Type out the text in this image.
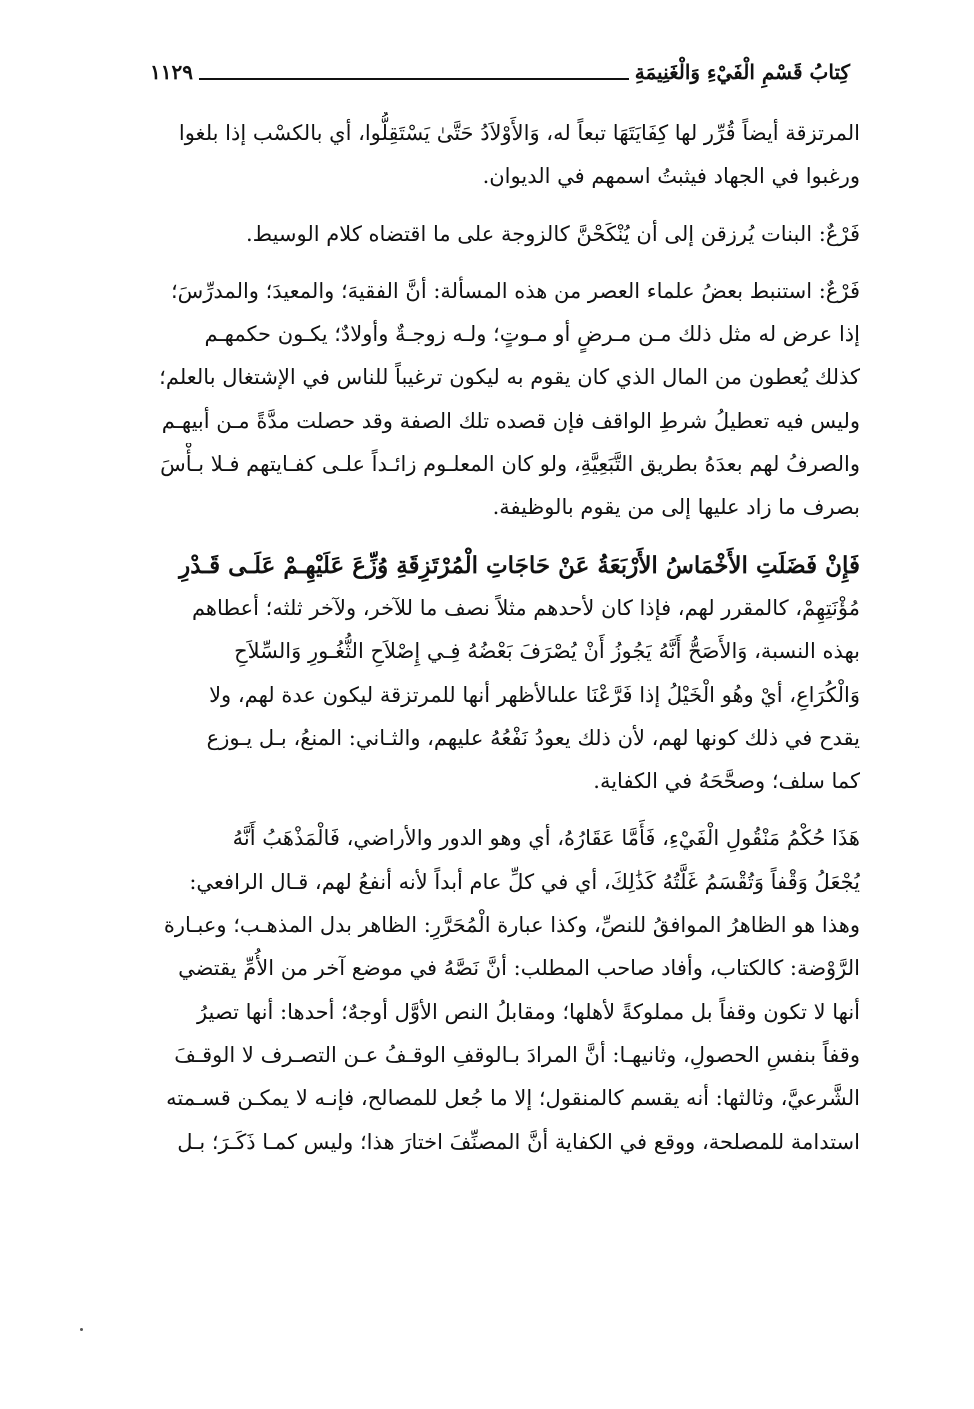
كِتابُ قَسْمِ الْفَيْءِ وَالْغَنِيمَةِ
١١٢٩
المرتزقة أيضاً قُرِّر لها كِفَايَتَهَا تبعاً له، وَالأَوْلاَدُ حَتَّىٰ يَسْتَقِلُّوا، أي بالكسْب إذا بلغوا
ورغبوا في الجهاد فيثبتُ اسمهم في الديوان.
فَرْعٌ: البنات يُرزقن إلى أن يُنْكَحْنَّ كالزوجة على ما اقتضاه كلام الوسيط.
فَرْعٌ: استنبط بعضُ علماء العصر من هذه المسألة: أنَّ الفقيهَ؛ والمعيدَ؛ والمدرِّسَ؛
إذا عرض له مثل ذلك مـن مـرضٍ أو مـوتٍ؛ ولـه زوجـةٌ وأولادٌ؛ يكـون حكمهـم
كذلك يُعطون من المال الذي كان يقوم به ليكون ترغيباً للناس في الإشتغال بالعلم؛
وليس فيه تعطيلُ شرطِ الواقف فإن قصده تلك الصفة وقد حصلت مدَّةً مـن أبيهـم
والصرفُ لهم بعدَهُ بطريق التَّبَعِيَّةِ، ولو كان المعلـوم زائـداً علـى كفـايتهم فـلا بـأْسَ
بصرف ما زاد عليها إلى من يقوم بالوظيفة.
فَإِنْ فَضَلَتِ الأَخْمَاسُ الأَرْبَعَةُ عَنْ حَاجَاتِ الْمُرْتَزِقَةِ وُزِّعَ عَلَيْهِـمْ عَلَـى قَـدْرِ
مُؤْنَتِهِمْ، كالمقرر لهم، فإذا كان لأحدهم مثلاً نصف ما للآخر، ولآخر ثلثه؛ أعطاهم
بهذه النسبة، وَالأَصَحُّ أَنَّهُ يَجُوزُ أَنْ يُصْرَفَ بَعْضُهُ فِـي إِصْلاَحِ الثُّغُـورِ وَالسِّلاَحِ
وَالْكُرَاعِ، أيْ وهُو الْخَيْلُ إذا فَرَّعْنَا علىالأظهر أنها للمرتزقة ليكون عدة لهم، ولا
يقدح في ذلك كونها لهم، لأن ذلك يعودُ نَفْعُهُ عليهم، والثـاني: المنعُ، بـل يـوزع
كما سلف؛ وصحَّحَهُ في الكفاية.
هَذَا حُكْمُ مَنْقُولِ الْفَيْءِ، فَأَمَّا عَقَارُهُ، أي وهو الدور والأراضي، فَالْمَذْهَبُ أَنَّهُ
يُجْعَلُ وَقْفاً وَتُقْسَمُ غَلَّتُهُ كَذَٰلِكَ، أي في كلِّ عام أبداً لأنه أنفعُ لهم، قـال الرافعي:
وهذا هو الظاهرُ الموافقُ للنصِّ، وكذا عبارة الْمُحَرَّرِ: الظاهر بدل المذهـب؛ وعبـارة
الرَّوْضة: كالكتاب، وأفاد صاحب المطلب: أنَّ نَصَّهُ في موضع آخر من الأُمِّ يقتضي
أنها لا تكون وقفاً بل مملوكةً لأهلها؛ ومقابلُ النص الأوَّل أوجهٌ؛ أحدها: أنها تصيرُ
وقفاً بنفسِ الحصولِ، وثانيهـا: أنَّ المرادَ بـالوقفِ الوقـفُ عـن التصـرف لا الوقـفَ
الشَّرعيَّ، وثالثها: أنه يقسم كالمنقول؛ إلا ما جُعل للمصالح، فإنـه لا يمكـن قسـمته
استدامة للمصلحة، ووقع في الكفاية أنَّ المصنِّفَ اختارَ هذا؛ وليس كمـا ذَكَـرَ؛ بـل
